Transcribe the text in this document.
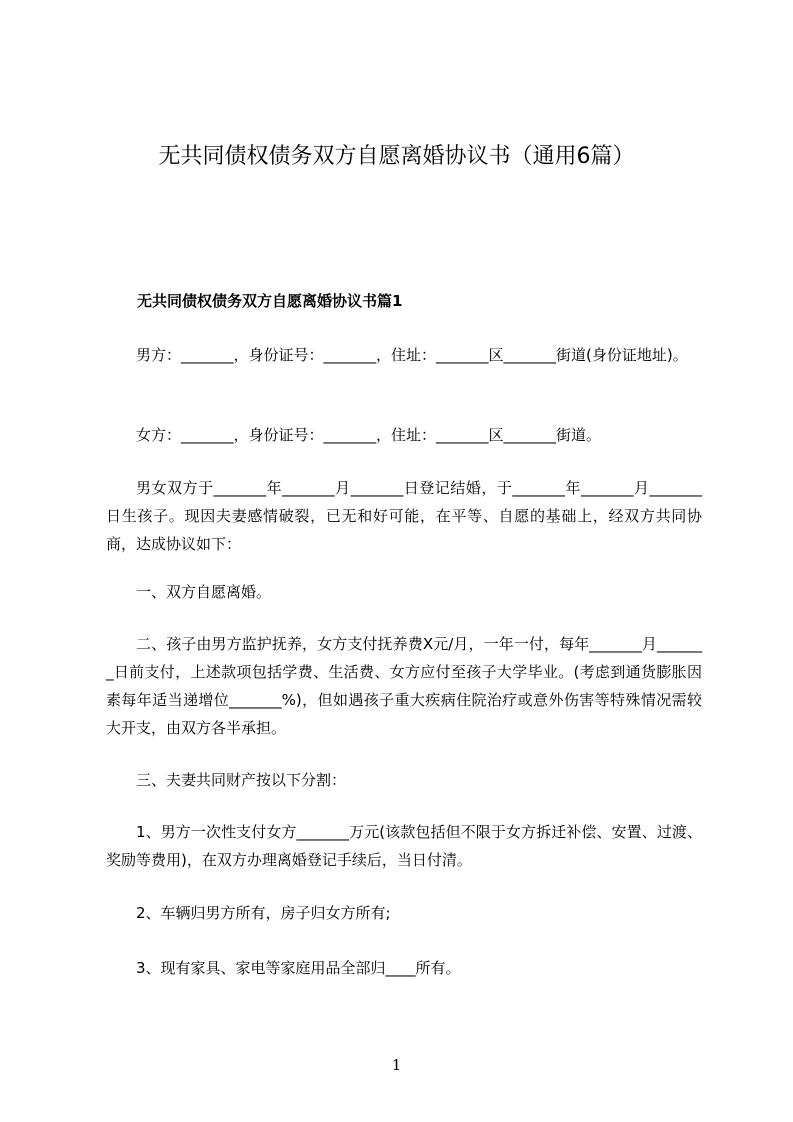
无共同债权债务双方自愿离婚协议书（通用6篇）
无共同债权债务双方自愿离婚协议书篇1
男方：_______，身份证号：_______，住址：_______区_______街道(身份证地址)。
女方：_______，身份证号：_______，住址：_______区_______街道。
男女双方于_______年_______月_______日登记结婚，于_______年_______月_______日生孩子。现因夫妻感情破裂，已无和好可能，在平等、自愿的基础上，经双方共同协商，达成协议如下：
一、双方自愿离婚。
二、孩子由男方监护抚养，女方支付抚养费X元/月，一年一付，每年_______月_______日前支付，上述款项包括学费、生活费、女方应付至孩子大学毕业。(考虑到通货膨胀因素每年适当递增位_______%)，但如遇孩子重大疾病住院治疗或意外伤害等特殊情况需较大开支，由双方各半承担。
三、夫妻共同财产按以下分割：
1、男方一次性支付女方_______万元(该款包括但不限于女方拆迁补偿、安置、过渡、奖励等费用)，在双方办理离婚登记手续后，当日付清。
2、车辆归男方所有，房子归女方所有;
3、现有家具、家电等家庭用品全部归____所有。
1
